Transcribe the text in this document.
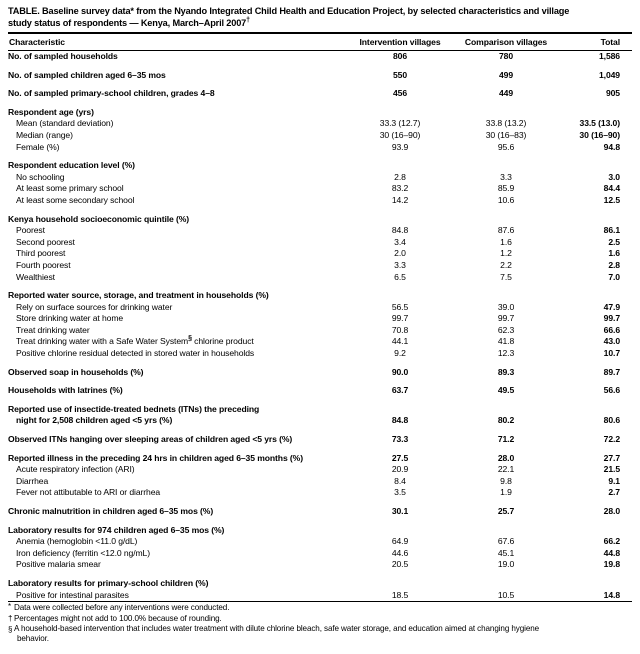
TABLE. Baseline survey data* from the Nyando Integrated Child Health and Education Project, by selected characteristics and village
study status of respondents — Kenya, March–April 2007†
Characteristic	Intervention villages	Comparison villages	Total
No. of sampled households	806	780	1,586

No. of sampled children aged 6–35 mos	550	499	1,049

No. of sampled primary-school children, grades 4–8	456	449	905

Respondent age (yrs)			
Mean (standard deviation)	33.3 (12.7)	33.8 (13.2)	33.5 (13.0)
Median (range)	30 (16–90)	30 (16–83)	30 (16–90)
Female (%)	93.9	95.6	94.8

Respondent education level (%)			
No schooling	2.8	3.3	3.0
At least some primary school	83.2	85.9	84.4
At least some secondary school	14.2	10.6	12.5

Kenya household socioeconomic quintile (%)			
Poorest	84.8	87.6	86.1
Second poorest	3.4	1.6	2.5
Third poorest	2.0	1.2	1.6
Fourth poorest	3.3	2.2	2.8
Wealthiest	6.5	7.5	7.0

Reported water source, storage, and treatment in households (%)			
Rely on surface sources for drinking water	56.5	39.0	47.9
Store drinking water at home	99.7	99.7	99.7
Treat drinking water	70.8	62.3	66.6
Treat drinking water with a Safe Water System§ chlorine product	44.1	41.8	43.0
Positive chlorine residual detected in stored water in households	9.2	12.3	10.7

Observed soap in households (%)	90.0	89.3	89.7

Households with latrines (%)	63.7	49.5	56.6

Reported use of insectide-treated bednets (ITNs) the preceding			
night for 2,508 children aged <5 yrs (%)	84.8	80.2	80.6

Observed ITNs hanging over sleeping areas of children aged <5 yrs (%)	73.3	71.2	72.2

Reported illness in the preceding 24 hrs in children aged 6–35 months (%)	27.5	28.0	27.7
Acute respiratory infection (ARI)	20.9	22.1	21.5
Diarrhea	8.4	9.8	9.1
Fever not attibutable to ARI or diarrhea	3.5	1.9	2.7

Chronic malnutrition in children aged 6–35 mos (%)	30.1	25.7	28.0

Laboratory results for 974 children aged 6–35 mos (%)			
Anemia (hemoglobin <11.0 g/dL)	64.9	67.6	66.2
Iron deficiency (ferritin <12.0 ng/mL)	44.6	45.1	44.8
Positive malaria smear	20.5	19.0	19.8

Laboratory results for primary-school children (%)			
Positive for intestinal parasites	18.5	10.5	14.8
* Data were collected before any interventions were conducted.
† Percentages might not add to 100.0% because of rounding.
§ A household-based intervention that includes water treatment with dilute chlorine bleach, safe water storage, and education aimed at changing hygiene
behavior.
